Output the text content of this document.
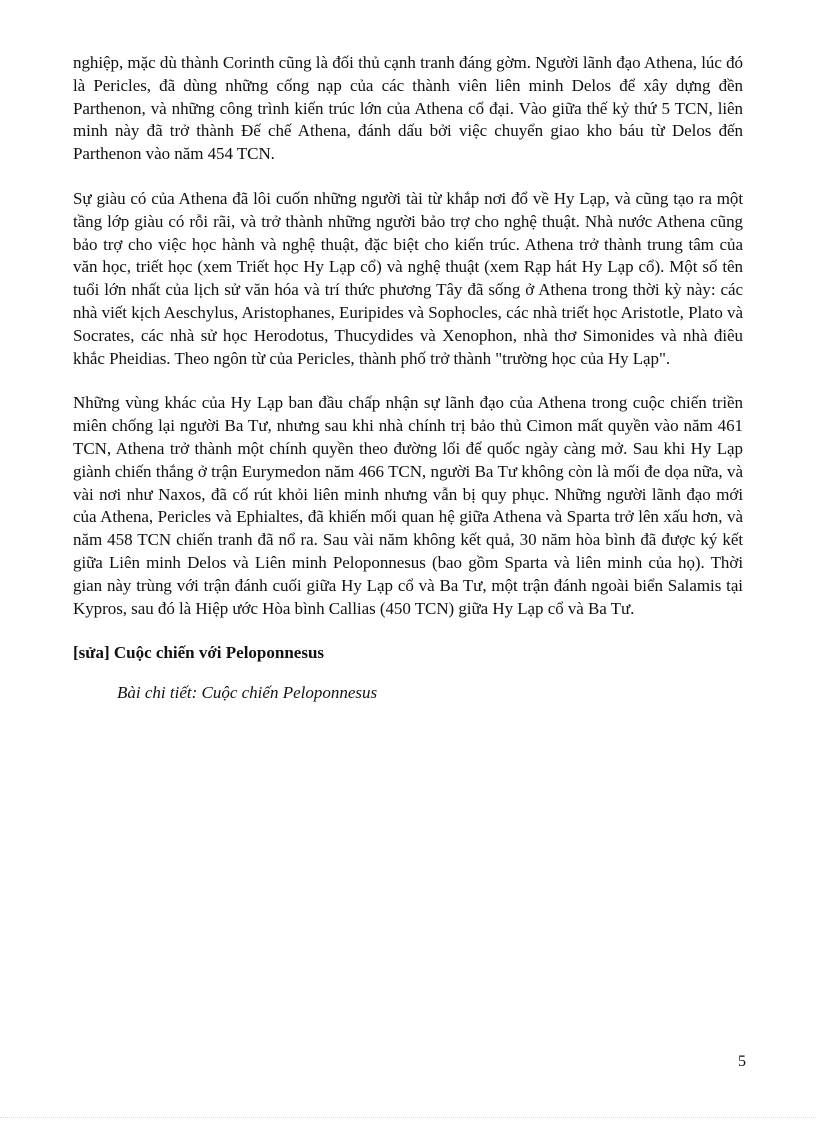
nghiệp, mặc dù thành Corinth cũng là đối thủ cạnh tranh đáng gờm. Người lãnh đạo Athena, lúc đó là Pericles, đã dùng những cống nạp của các thành viên liên minh Delos để xây dựng đền Parthenon, và những công trình kiến trúc lớn của Athena cổ đại. Vào giữa thế kỷ thứ 5 TCN, liên minh này đã trở thành Đế chế Athena, đánh dấu bởi việc chuyển giao kho báu từ Delos đến Parthenon vào năm 454 TCN.

Sự giàu có của Athena đã lôi cuốn những người tài từ khắp nơi đổ về Hy Lạp, và cũng tạo ra một tầng lớp giàu có rỗi rãi, và trở thành những người bảo trợ cho nghệ thuật. Nhà nước Athena cũng bảo trợ cho việc học hành và nghệ thuật, đặc biệt cho kiến trúc. Athena trở thành trung tâm của văn học, triết học (xem Triết học Hy Lạp cổ) và nghệ thuật (xem Rạp hát Hy Lạp cổ). Một số tên tuổi lớn nhất của lịch sử văn hóa và trí thức phương Tây đã sống ở Athena trong thời kỳ này: các nhà viết kịch Aeschylus, Aristophanes, Euripides và Sophocles, các nhà triết học Aristotle, Plato và Socrates, các nhà sử học Herodotus, Thucydides và Xenophon, nhà thơ Simonides và nhà điêu khắc Pheidias. Theo ngôn từ của Pericles, thành phố trở thành "trường học của Hy Lạp".

Những vùng khác của Hy Lạp ban đầu chấp nhận sự lãnh đạo của Athena trong cuộc chiến triền miên chống lại người Ba Tư, nhưng sau khi nhà chính trị bảo thủ Cimon mất quyền vào năm 461 TCN, Athena trở thành một chính quyền theo đường lối đế quốc ngày càng mở. Sau khi Hy Lạp giành chiến thắng ở trận Eurymedon năm 466 TCN, người Ba Tư không còn là mối đe dọa nữa, và vài nơi như Naxos, đã cố rút khỏi liên minh nhưng vẫn bị quy phục. Những người lãnh đạo mới của Athena, Pericles và Ephialtes, đã khiến mối quan hệ giữa Athena và Sparta trở lên xấu hơn, và năm 458 TCN chiến tranh đã nổ ra. Sau vài năm không kết quả, 30 năm hòa bình đã được ký kết giữa Liên minh Delos và Liên minh Peloponnesus (bao gồm Sparta và liên minh của họ). Thời gian này trùng với trận đánh cuối giữa Hy Lạp cổ và Ba Tư, một trận đánh ngoài biển Salamis tại Kypros, sau đó là Hiệp ước Hòa bình Callias (450 TCN) giữa Hy Lạp cổ và Ba Tư.

[sửa] Cuộc chiến với Peloponnesus
Bài chi tiết: Cuộc chiến Peloponnesus
5
